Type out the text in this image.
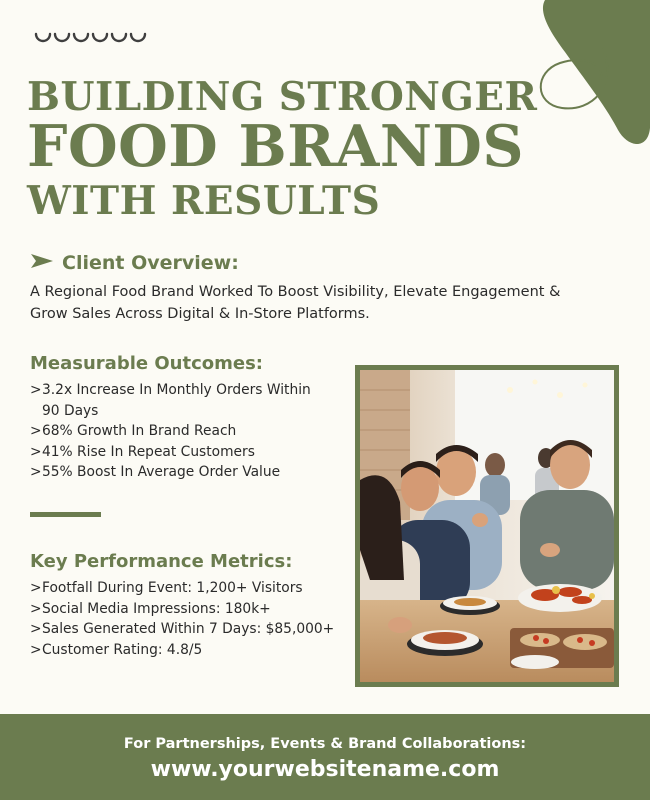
BUILDING STRONGER
FOOD BRANDS
WITH RESULTS
Client Overview:
A Regional Food Brand Worked To Boost Visibility, Elevate Engagement & Grow Sales Across Digital & In-Store Platforms.
Measurable Outcomes:
> 3.2x Increase In Monthly Orders Within 90 Days
> 68% Growth In Brand Reach
> 41% Rise In Repeat Customers
> 55% Boost In Average Order Value
Key Performance Metrics:
> Footfall During Event: 1,200+ Visitors
> Social Media Impressions: 180k+
> Sales Generated Within 7 Days: $85,000+
> Customer Rating: 4.8/5
For Partnerships, Events & Brand Collaborations:
www.yourwebsitename.com
